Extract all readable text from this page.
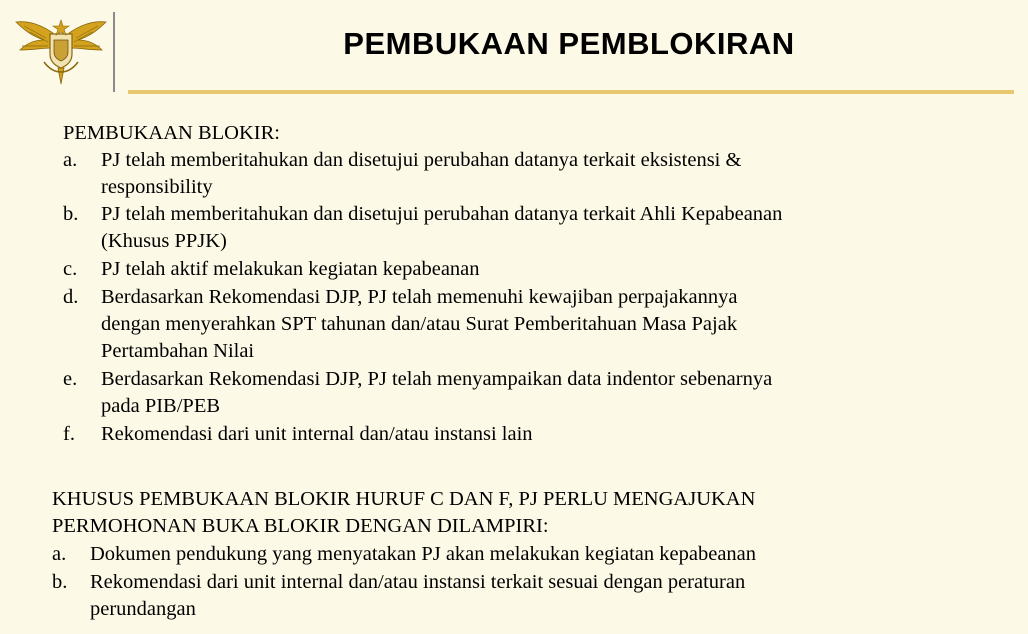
PEMBUKAAN PEMBLOKIRAN
PEMBUKAAN BLOKIR:
a. PJ telah memberitahukan dan disetujui perubahan datanya terkait eksistensi &
responsibility
b. PJ telah memberitahukan dan disetujui perubahan datanya terkait Ahli Kepabeanan
(Khusus PPJK)
c. PJ telah aktif melakukan kegiatan kepabeanan
d. Berdasarkan Rekomendasi DJP, PJ telah memenuhi kewajiban perpajakannya
dengan menyerahkan SPT tahunan dan/atau Surat Pemberitahuan Masa Pajak
Pertambahan Nilai
e. Berdasarkan Rekomendasi DJP, PJ telah menyampaikan data indentor sebenarnya
pada PIB/PEB
f. Rekomendasi dari unit internal dan/atau instansi lain
KHUSUS PEMBUKAAN BLOKIR HURUF C DAN F, PJ PERLU MENGAJUKAN
PERMOHONAN BUKA BLOKIR DENGAN DILAMPIRI:
a. Dokumen pendukung yang menyatakan PJ akan melakukan kegiatan kepabeanan
b. Rekomendasi dari unit internal dan/atau instansi terkait sesuai dengan peraturan
perundangan
